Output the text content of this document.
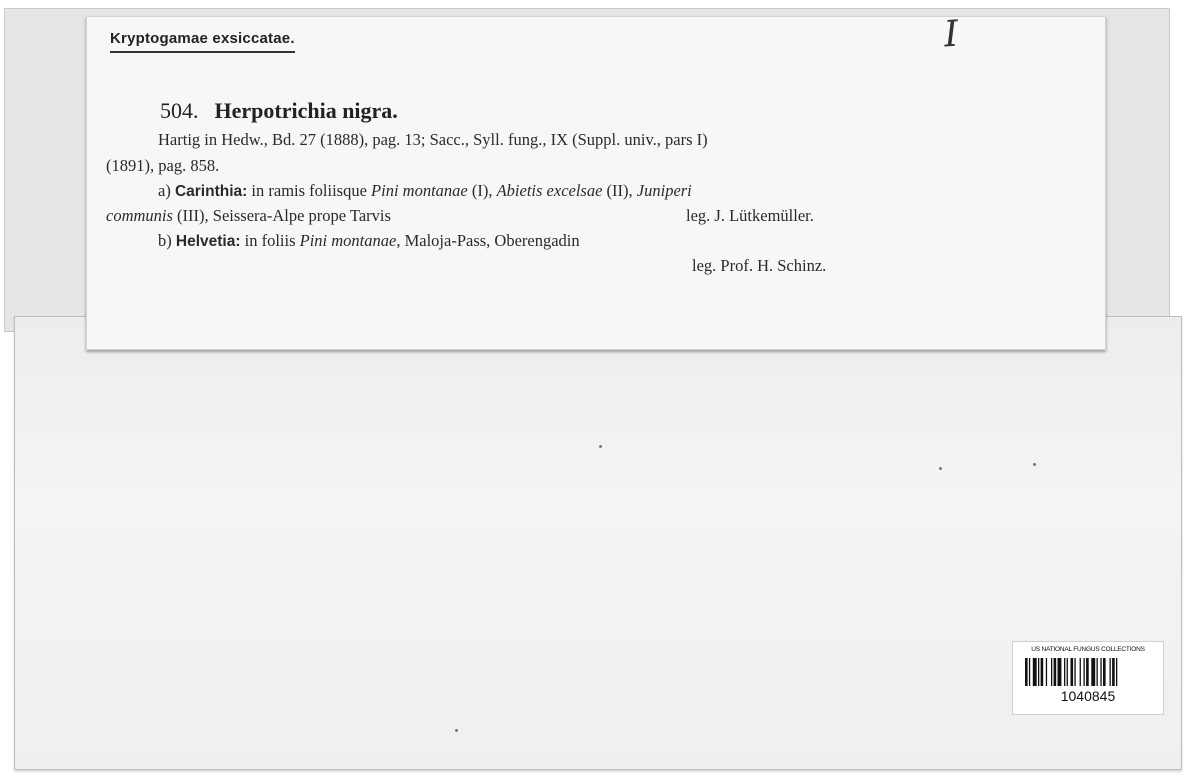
Kryptogamae exsiccatae.	I
504. Herpotrichia nigra.
Hartig in Hedw., Bd. 27 (1888), pag. 13; Sacc., Syll. fung., IX (Suppl. univ., pars I)
(1891), pag. 858.
a) Carinthia: in ramis foliisque Pini montanae (I), Abietis excelsae (II), Juniperi
communis (III), Seissera-Alpe prope Tarvis	leg. J. Lütkemüller.
b) Helvetia: in foliis Pini montanae, Maloja-Pass, Oberengadin
leg. Prof. H. Schinz.
US NATIONAL FUNGUS COLLECTIONS
1040845
